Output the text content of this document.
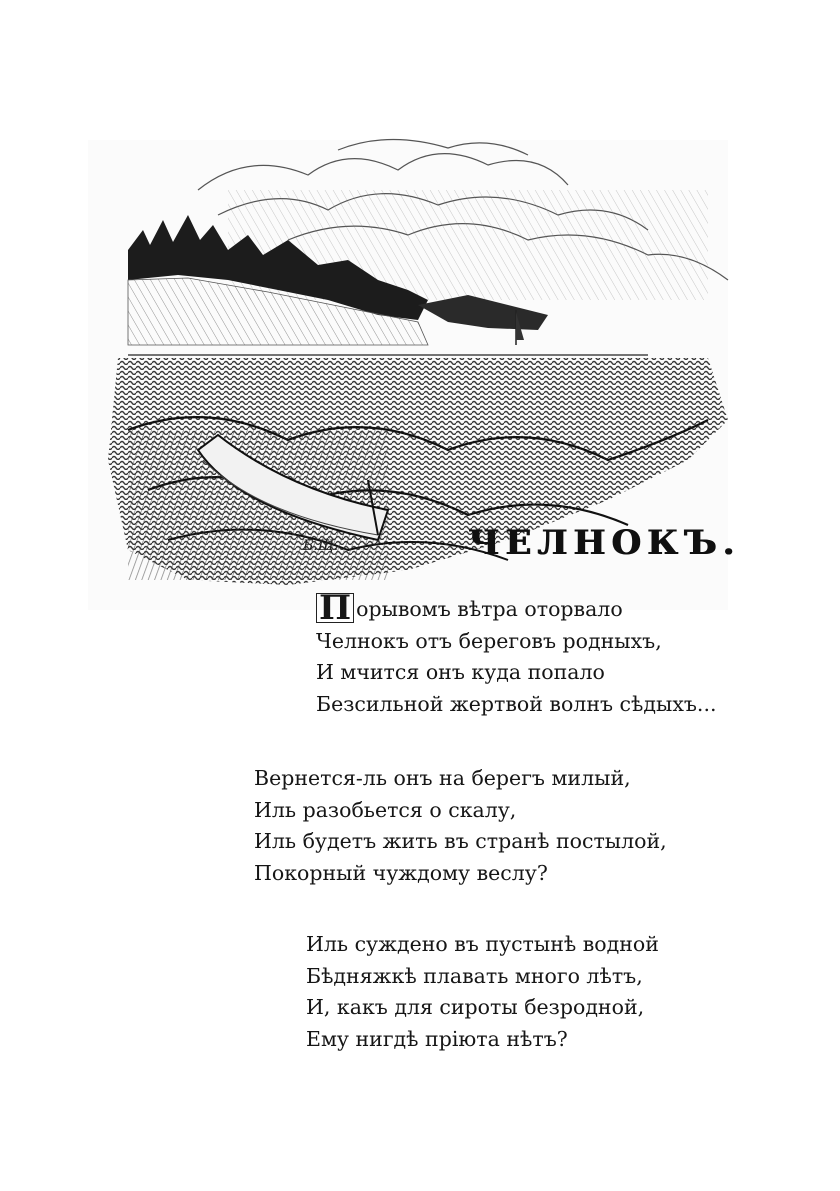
Б.Щ.	ЧЕЛНОКЪ.
П орывомъ вѣтра оторвало
Челнокъ отъ береговъ родныхъ,
И мчится онъ куда попало
Безсильной жертвой волнъ сѣдыхъ...
Вернется-ль онъ на берегъ милый,
Иль разобьется о скалу,
Иль будетъ жить въ странѣ постылой,
Покорный чуждому веслу?
Иль суждено въ пустынѣ водной
Бѣдняжкѣ плавать много лѣтъ,
И, какъ для сироты безродной,
Ему нигдѣ пріюта нѣтъ?
